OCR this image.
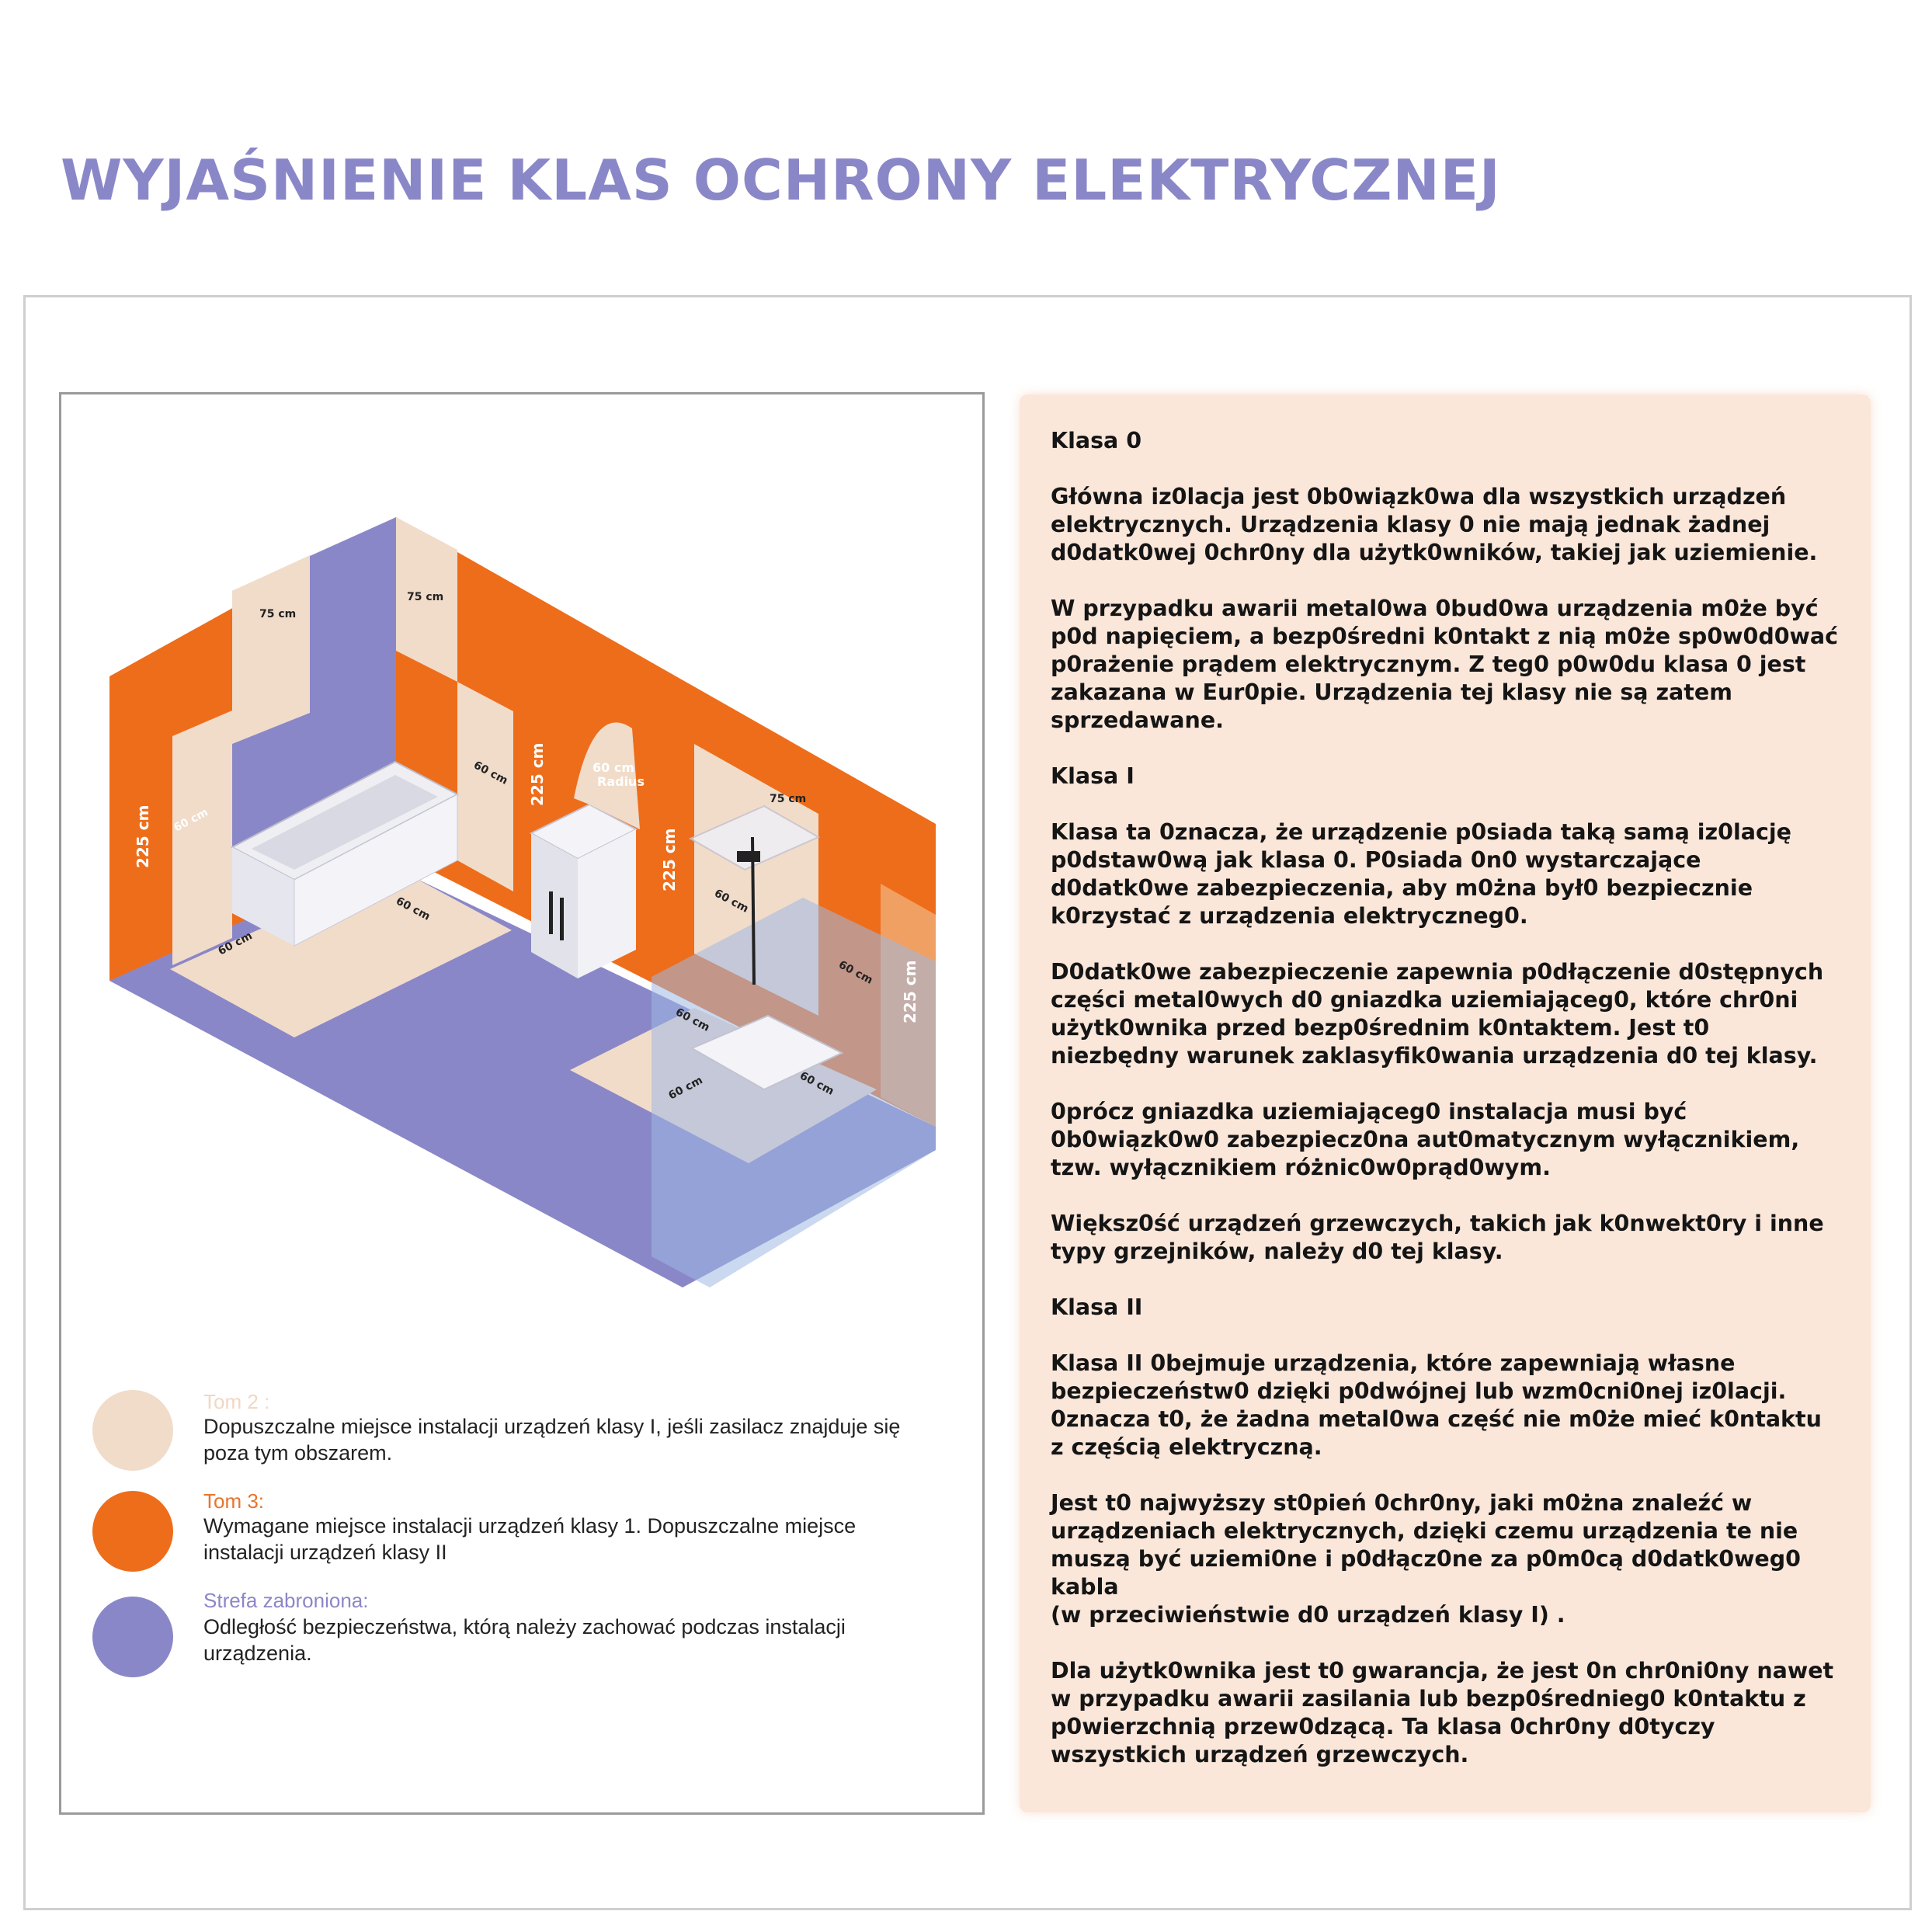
WYJAŚNIENIE KLAS OCHRONY ELEKTRYCZNEJ
225 cm 60 cm
225 cm	60 cm
Radius
225 cm
225 cm
75 cm
75 cm
60 cm
75 cm
60 cm
60 cm
60 cm
60 cm
60 cm
60 cm	60 cm
Tom 2 :
Dopuszczalne miejsce instalacji urządzeń klasy I, jeśli zasilacz znajduje się poza tym obszarem.
Tom 3:
Wymagane miejsce instalacji urządzeń klasy 1. Dopuszczalne miejsce instalacji urządzeń klasy II
Strefa zabroniona:
Odległość bezpieczeństwa, którą należy zachować podczas instalacji urządzenia.
Klasa 0
Główna iz0lacja jest 0b0wiązk0wa dla wszystkich urządzeń elektrycznych. Urządzenia klasy 0 nie mają jednak żadnej d0datk0wej 0chr0ny dla użytk0wników, takiej jak uziemienie.
W przypadku awarii metal0wa 0bud0wa urządzenia m0że być p0d napięciem, a bezp0średni k0ntakt z nią m0że sp0w0d0wać p0rażenie prądem elektrycznym. Z teg0 p0w0du klasa 0 jest zakazana w Eur0pie. Urządzenia tej klasy nie są zatem sprzedawane.
Klasa I
Klasa ta 0znacza, że urządzenie p0siada taką samą iz0lację p0dstaw0wą jak klasa 0. P0siada 0n0 wystarczające d0datk0we zabezpieczenia, aby m0żna był0 bezpiecznie k0rzystać z urządzenia elektryczneg0.
D0datk0we zabezpieczenie zapewnia p0dłączenie d0stępnych części metal0wych d0 gniazdka uziemiająceg0, które chr0ni użytk0wnika przed bezp0średnim k0ntaktem. Jest t0 niezbędny warunek zaklasyfik0wania urządzenia d0 tej klasy.
0prócz gniazdka uziemiająceg0 instalacja musi być 0b0wiązk0w0 zabezpiecz0na aut0matycznym wyłącznikiem, tzw. wyłącznikiem różnic0w0prąd0wym.
Większ0ść urządzeń grzewczych, takich jak k0nwekt0ry i inne typy grzejników, należy d0 tej klasy.
Klasa II
Klasa II 0bejmuje urządzenia, które zapewniają własne bezpieczeństw0 dzięki p0dwójnej lub wzm0cni0nej iz0lacji. 0znacza t0, że żadna metal0wa część nie m0że mieć k0ntaktu z częścią elektryczną.
Jest t0 najwyższy st0pień 0chr0ny, jaki m0żna znaleźć w urządzeniach elektrycznych, dzięki czemu urządzenia te nie muszą być uziemi0ne i p0dłącz0ne za p0m0cą d0datk0weg0 kabla
(w przeciwieństwie d0 urządzeń klasy I) .
Dla użytk0wnika jest t0 gwarancja, że jest 0n chr0ni0ny nawet w przypadku awarii zasilania lub bezp0średnieg0 k0ntaktu z p0wierzchnią przew0dzącą. Ta klasa 0chr0ny d0tyczy wszystkich urządzeń grzewczych.
